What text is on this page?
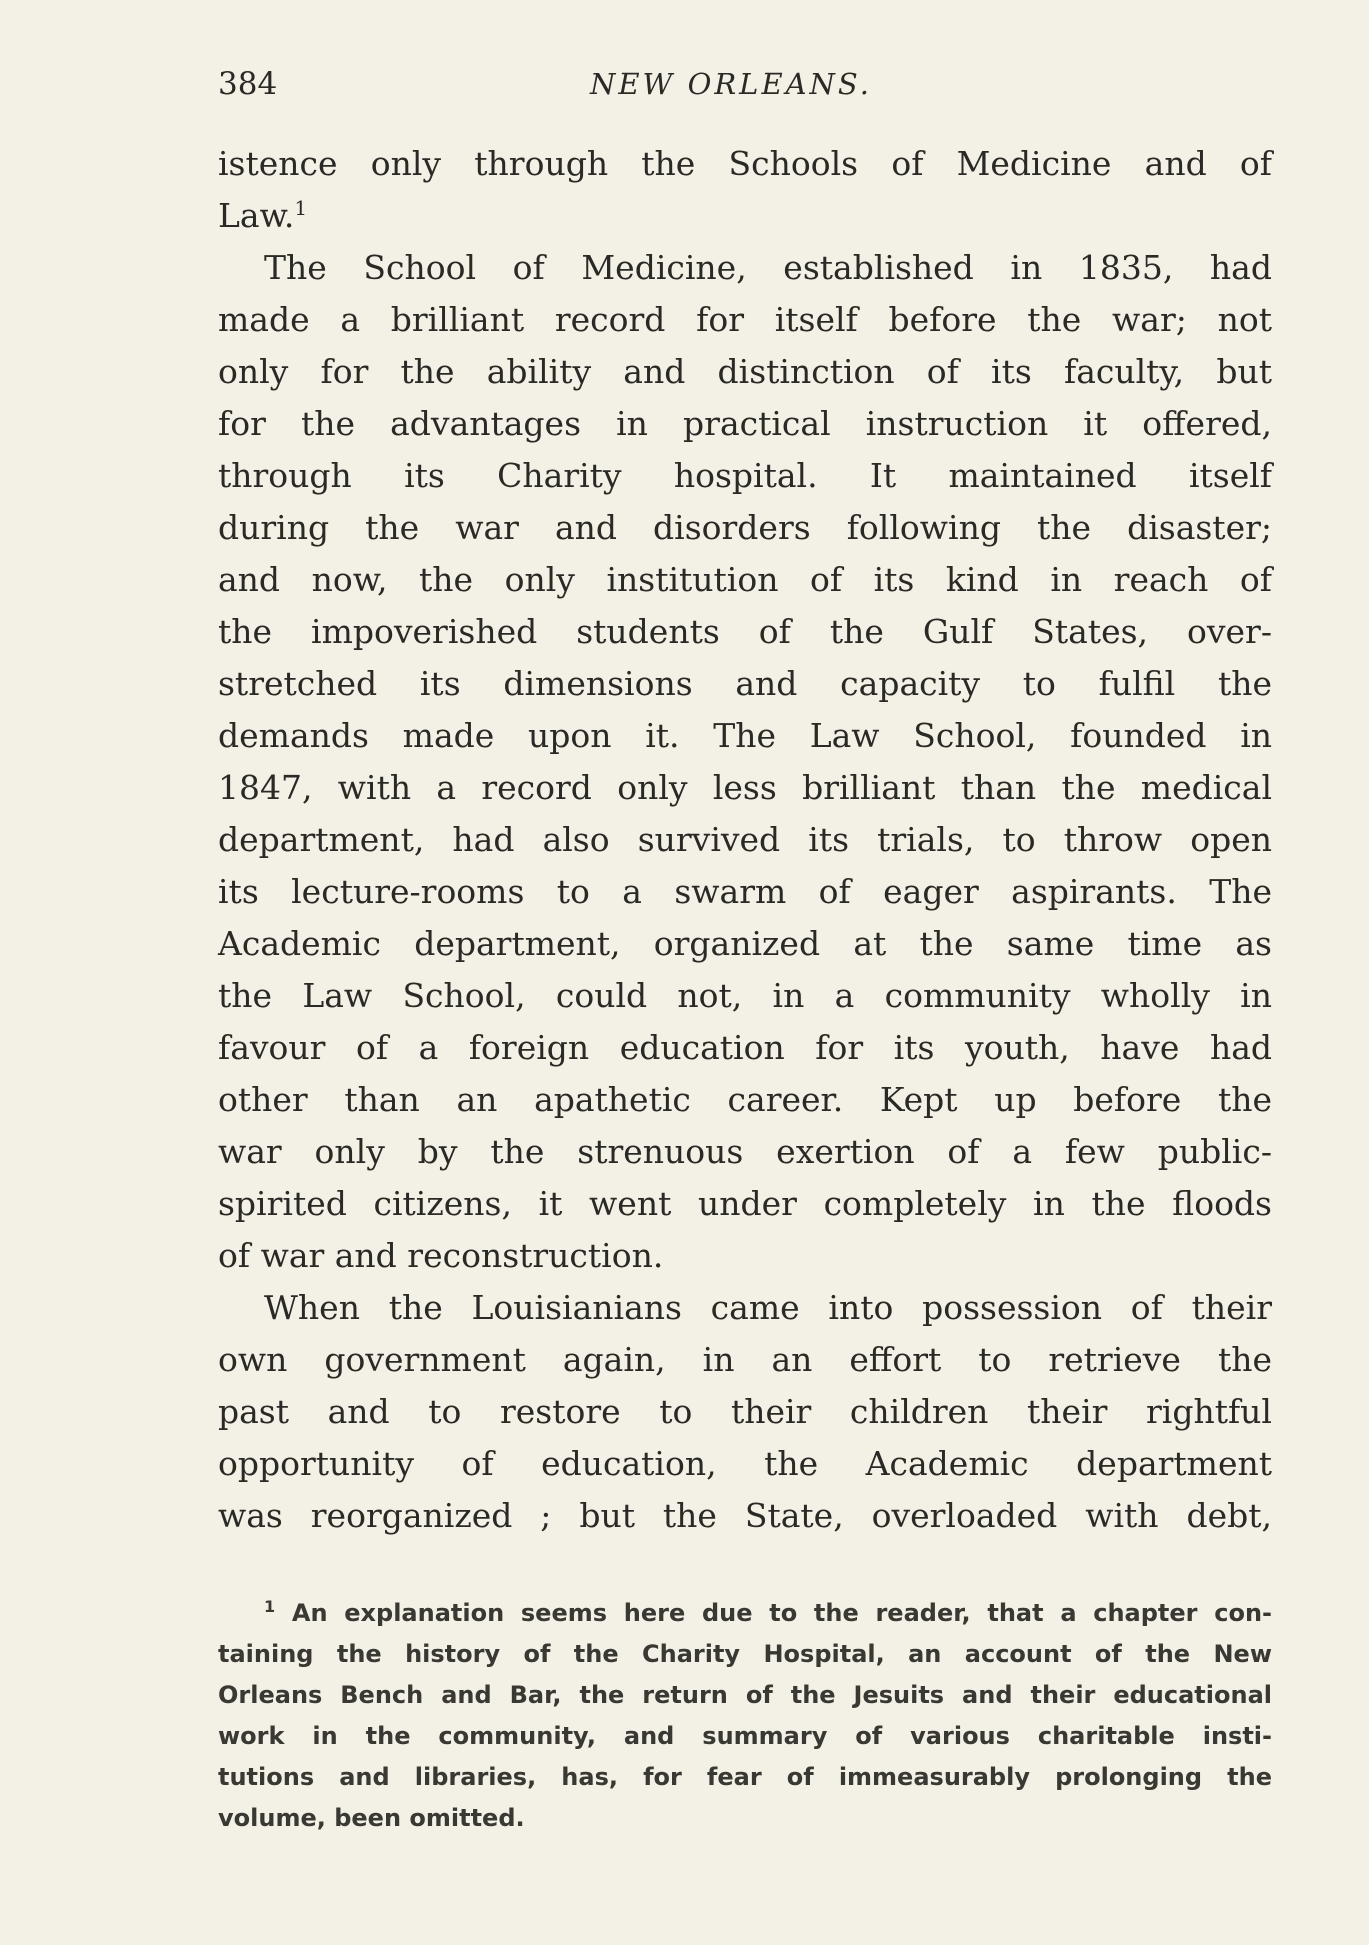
384	NEW ORLEANS.
istence only through the Schools of Medicine and of
Law.$^1$
The School of Medicine, established in 1835, had
made a brilliant record for itself before the war; not
only for the ability and distinction of its faculty, but
for the advantages in practical instruction it offered,
through its Charity hospital. It maintained itself
during the war and disorders following the disaster;
and now, the only institution of its kind in reach of
the impoverished students of the Gulf States, over-
stretched its dimensions and capacity to fulfil the
demands made upon it. The Law School, founded in
1847, with a record only less brilliant than the medical
department, had also survived its trials, to throw open
its lecture-rooms to a swarm of eager aspirants. The
Academic department, organized at the same time as
the Law School, could not, in a community wholly in
favour of a foreign education for its youth, have had
other than an apathetic career. Kept up before the
war only by the strenuous exertion of a few public-
spirited citizens, it went under completely in the floods
of war and reconstruction.
When the Louisianians came into possession of their
own government again, in an effort to retrieve the
past and to restore to their children their rightful
opportunity of education, the Academic department
was reorganized ; but the State, overloaded with debt,
$^1$ An explanation seems here due to the reader, that a chapter con-
taining the history of the Charity Hospital, an account of the New
Orleans Bench and Bar, the return of the Jesuits and their educational
work in the community, and summary of various charitable insti-
tutions and libraries, has, for fear of immeasurably prolonging the
volume, been omitted.
